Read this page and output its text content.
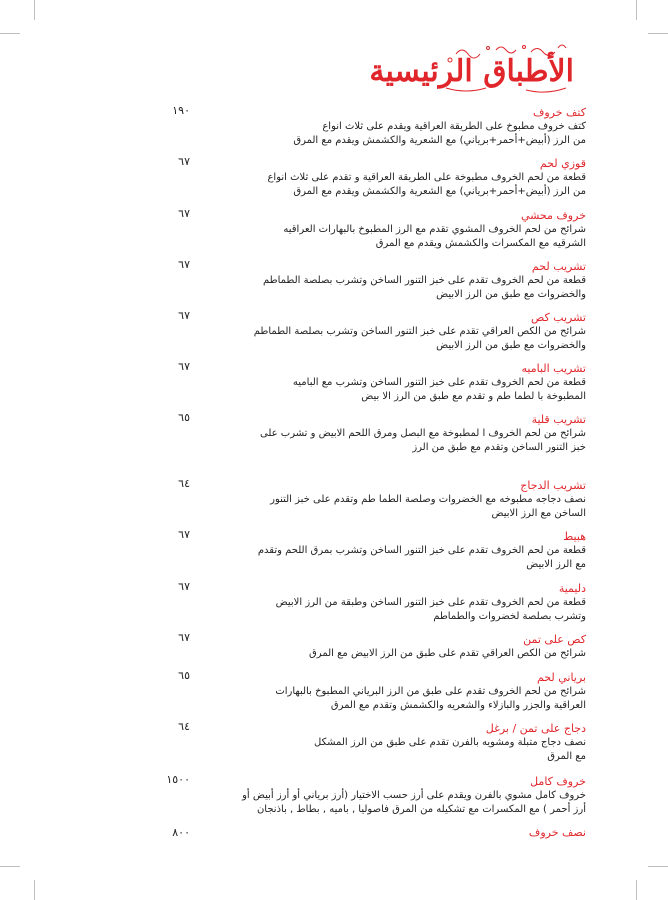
الأطباق الرئيسية
كتف خروف
كتف خروف مطبوخ على الطريقة العراقية ويقدم على ثلاث انواع
من الرز (أبيض+أحمر+برياني) مع الشعرية والكشمش ويقدم مع المرق
١٩٠
قوزي لحم
قطعة من لحم الخروف مطبوخة على الطريقة العراقية و تقدم على ثلاث انواع
من الرز (أبيض+أحمر+برياني) مع الشعرية والكشمش ويقدم مع المرق
٦٧
خروف محشي
شرائح من لحم الخروف المشوي تقدم مع الرز المطبوخ بالبهارات العراقيه
الشرقيه مع المكسرات والكشمش ويقدم مع المرق
٦٧
تشريب لحم
قطعة من لحم الخروف تقدم على خبز التنور الساخن وتشرب بصلصة الطماطم
والخضروات مع طبق من الرز الابيض
٦٧
تشريب كص
شرائح من الكص العراقي تقدم على خبز التنور الساخن وتشرب بصلصة الطماطم
والخضروات مع طبق من الرز الابيض
٦٧
تشريب الباميه
قطعة من لحم الخروف تقدم على خبز التنور الساخن وتشرب مع الباميه
المطبوخة با لطما طم و تقدم مع طبق من الرز الا بيض
٦٧
تشريب قلية
شرائح من لحم الخروف ا لمطبوخة مع البصل ومرق اللحم الابيض و تشرب على
خبز التنور الساخن وتقدم مع طبق من الرز
٦٥
تشريب الدجاج
نصف دجاجه مطبوخه مع الخضروات وصلصة الطما طم وتقدم على خبز التنور
الساخن مع الرز الابيض
٦٤
هبيط
قطعة من لحم الخروف تقدم على خبز التنور الساخن وتشرب بمرق اللحم وتقدم
مع الرز الابيض
٦٧
دليمية
قطعة من لحم الخروف تقدم على خبز التنور الساخن وطبقة من الرز الابيض
وتشرب بصلصة لخضروات والطماطم
٦٧
كص على تمن
شرائح من الكص العراقي تقدم على طبق من الرز الابيض مع المرق
٦٧
برياني لحم
شرائح من لحم الخروف تقدم على طبق من الرز البرياني المطبوخ بالبهارات
العراقية والجزر والبازلاء والشعريه والكشمش وتقدم مع المرق
٦٥
دجاج على تمن / برغل
نصف دجاج متبلة ومشويه بالفرن تقدم على طبق من الرز المشكل
مع المرق
٦٤
خروف كامل
خروف كامل مشوي بالفرن ويقدم على أرز حسب الاختيار (أرز برياني أو أرز أبيض أو
أرز أحمر ) مع المكسرات مع تشكيله من المرق فاصوليا , باميه , بطاط , باذنجان
١٥٠٠
نصف خروف
٨٠٠
